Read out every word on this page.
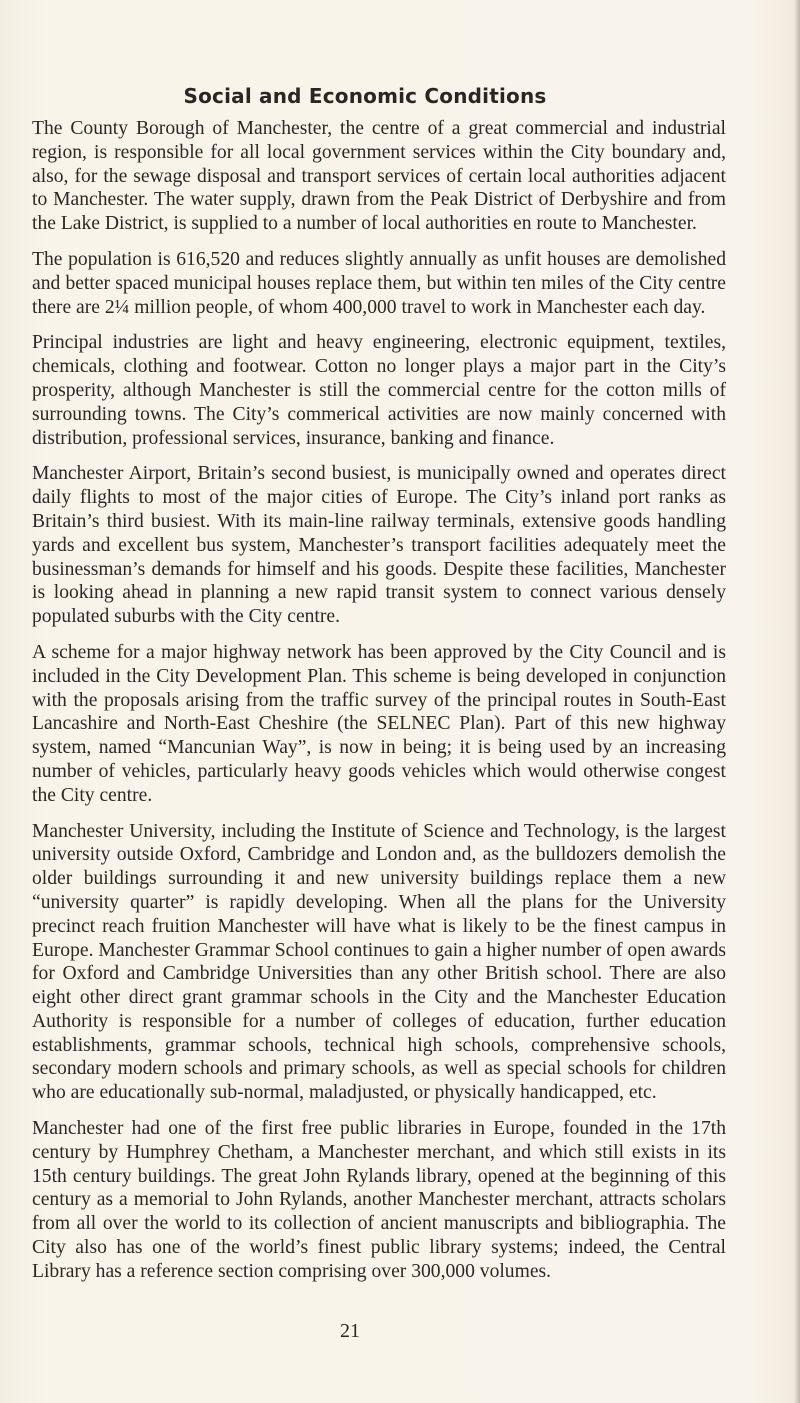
Social and Economic Conditions

The County Borough of Manchester, the centre of a great commercial and industrial region, is responsible for all local government services within the City boundary and, also, for the sewage disposal and transport services of certain local authorities adjacent to Manchester. The water supply, drawn from the Peak District of Derbyshire and from the Lake District, is supplied to a number of local authorities en route to Manchester.

The population is 616,520 and reduces slightly annually as unfit houses are demolished and better spaced municipal houses replace them, but within ten miles of the City centre there are 2¼ million people, of whom 400,000 travel to work in Manchester each day.

Principal industries are light and heavy engineering, electronic equipment, textiles, chemicals, clothing and footwear. Cotton no longer plays a major part in the City’s prosperity, although Manchester is still the commercial centre for the cotton mills of surrounding towns. The City’s commerical activities are now mainly concerned with distribution, professional services, insurance, banking and finance.

Manchester Airport, Britain’s second busiest, is municipally owned and operates direct daily flights to most of the major cities of Europe. The City’s inland port ranks as Britain’s third busiest. With its main-line railway terminals, extensive goods handling yards and excellent bus system, Manchester’s transport facilities adequately meet the businessman’s demands for himself and his goods. Despite these facilities, Manchester is looking ahead in planning a new rapid transit system to connect various densely populated suburbs with the City centre.

A scheme for a major highway network has been approved by the City Council and is included in the City Development Plan. This scheme is being developed in conjunction with the proposals arising from the traffic survey of the principal routes in South-East Lancashire and North-East Cheshire (the SELNEC Plan). Part of this new highway system, named “Mancunian Way”, is now in being; it is being used by an increasing number of vehicles, particularly heavy goods vehicles which would otherwise congest the City centre.

Manchester University, including the Institute of Science and Technology, is the largest university outside Oxford, Cambridge and London and, as the bulldozers demolish the older buildings surrounding it and new university buildings replace them a new “university quarter” is rapidly developing. When all the plans for the University precinct reach fruition Manchester will have what is likely to be the finest campus in Europe. Manchester Grammar School continues to gain a higher number of open awards for Oxford and Cambridge Universities than any other British school. There are also eight other direct grant grammar schools in the City and the Manchester Education Authority is responsible for a number of colleges of education, further education establishments, grammar schools, technical high schools, comprehensive schools, secondary modern schools and primary schools, as well as special schools for children who are educationally sub-normal, maladjusted, or physically handicapped, etc.

Manchester had one of the first free public libraries in Europe, founded in the 17th century by Humphrey Chetham, a Manchester merchant, and which still exists in its 15th century buildings. The great John Rylands library, opened at the beginning of this century as a memorial to John Rylands, another Manchester merchant, attracts scholars from all over the world to its collection of ancient manuscripts and bibliographia. The City also has one of the world’s finest public library systems; indeed, the Central Library has a reference section comprising over 300,000 volumes.

21
